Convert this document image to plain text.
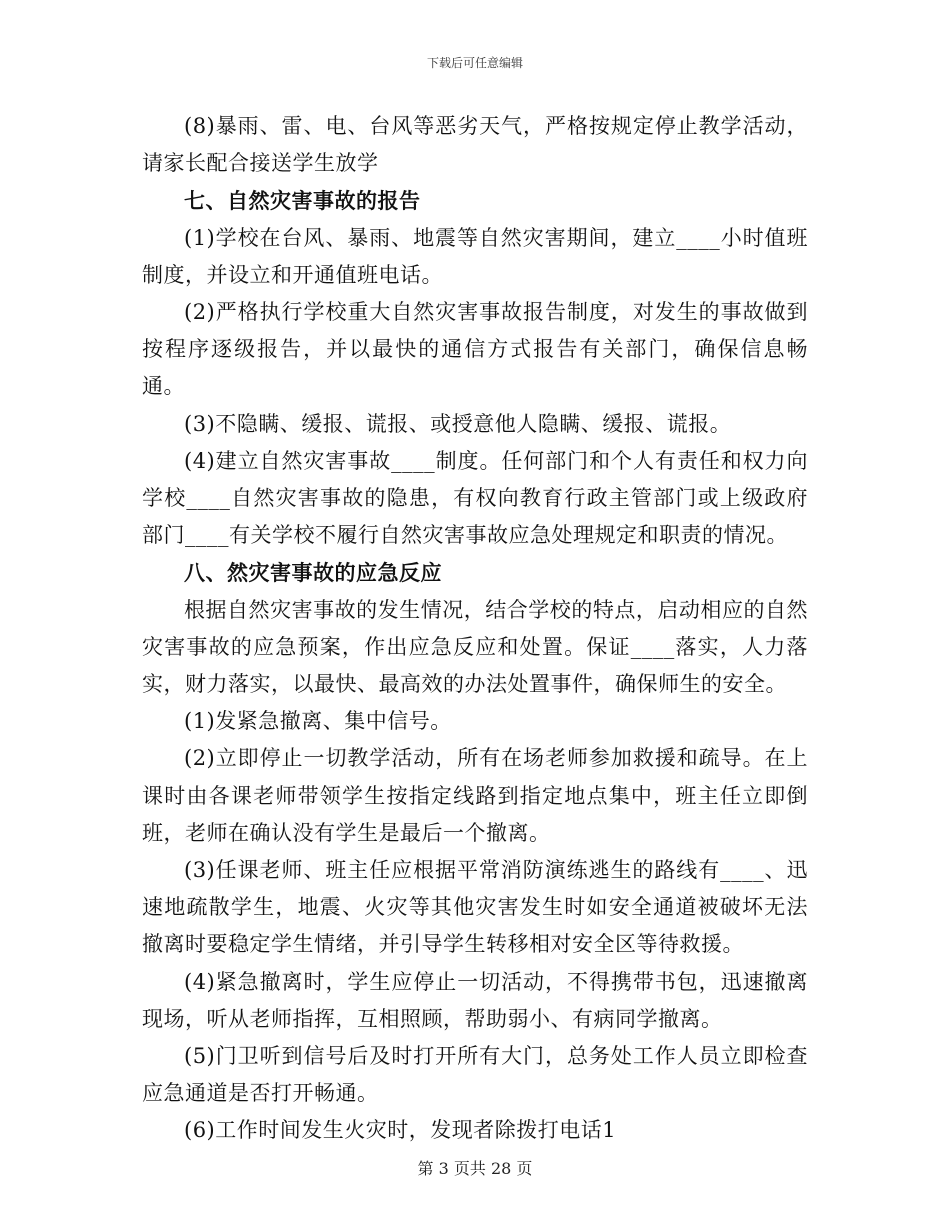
下载后可任意编辑

(8)暴雨、雷、电、台风等恶劣天气，严格按规定停止教学活动，请家长配合接送学生放学

七、自然灾害事故的报告

(1)学校在台风、暴雨、地震等自然灾害期间，建立____小时值班制度，并设立和开通值班电话。

(2)严格执行学校重大自然灾害事故报告制度，对发生的事故做到按程序逐级报告，并以最快的通信方式报告有关部门，确保信息畅通。

(3)不隐瞒、缓报、谎报、或授意他人隐瞒、缓报、谎报。

(4)建立自然灾害事故____制度。任何部门和个人有责任和权力向学校____自然灾害事故的隐患，有权向教育行政主管部门或上级政府部门____有关学校不履行自然灾害事故应急处理规定和职责的情况。

八、然灾害事故的应急反应

根据自然灾害事故的发生情况，结合学校的特点，启动相应的自然灾害事故的应急预案，作出应急反应和处置。保证____落实，人力落实，财力落实，以最快、最高效的办法处置事件，确保师生的安全。

(1)发紧急撤离、集中信号。

(2)立即停止一切教学活动，所有在场老师参加救援和疏导。在上课时由各课老师带领学生按指定线路到指定地点集中，班主任立即倒班，老师在确认没有学生是最后一个撤离。

(3)任课老师、班主任应根据平常消防演练逃生的路线有____、迅速地疏散学生，地震、火灾等其他灾害发生时如安全通道被破坏无法撤离时要稳定学生情绪，并引导学生转移相对安全区等待救援。

(4)紧急撤离时，学生应停止一切活动，不得携带书包，迅速撤离现场，听从老师指挥，互相照顾，帮助弱小、有病同学撤离。

(5)门卫听到信号后及时打开所有大门，总务处工作人员立即检查应急通道是否打开畅通。

(6)工作时间发生火灾时，发现者除拨打电话1

第 3 页共 28 页
